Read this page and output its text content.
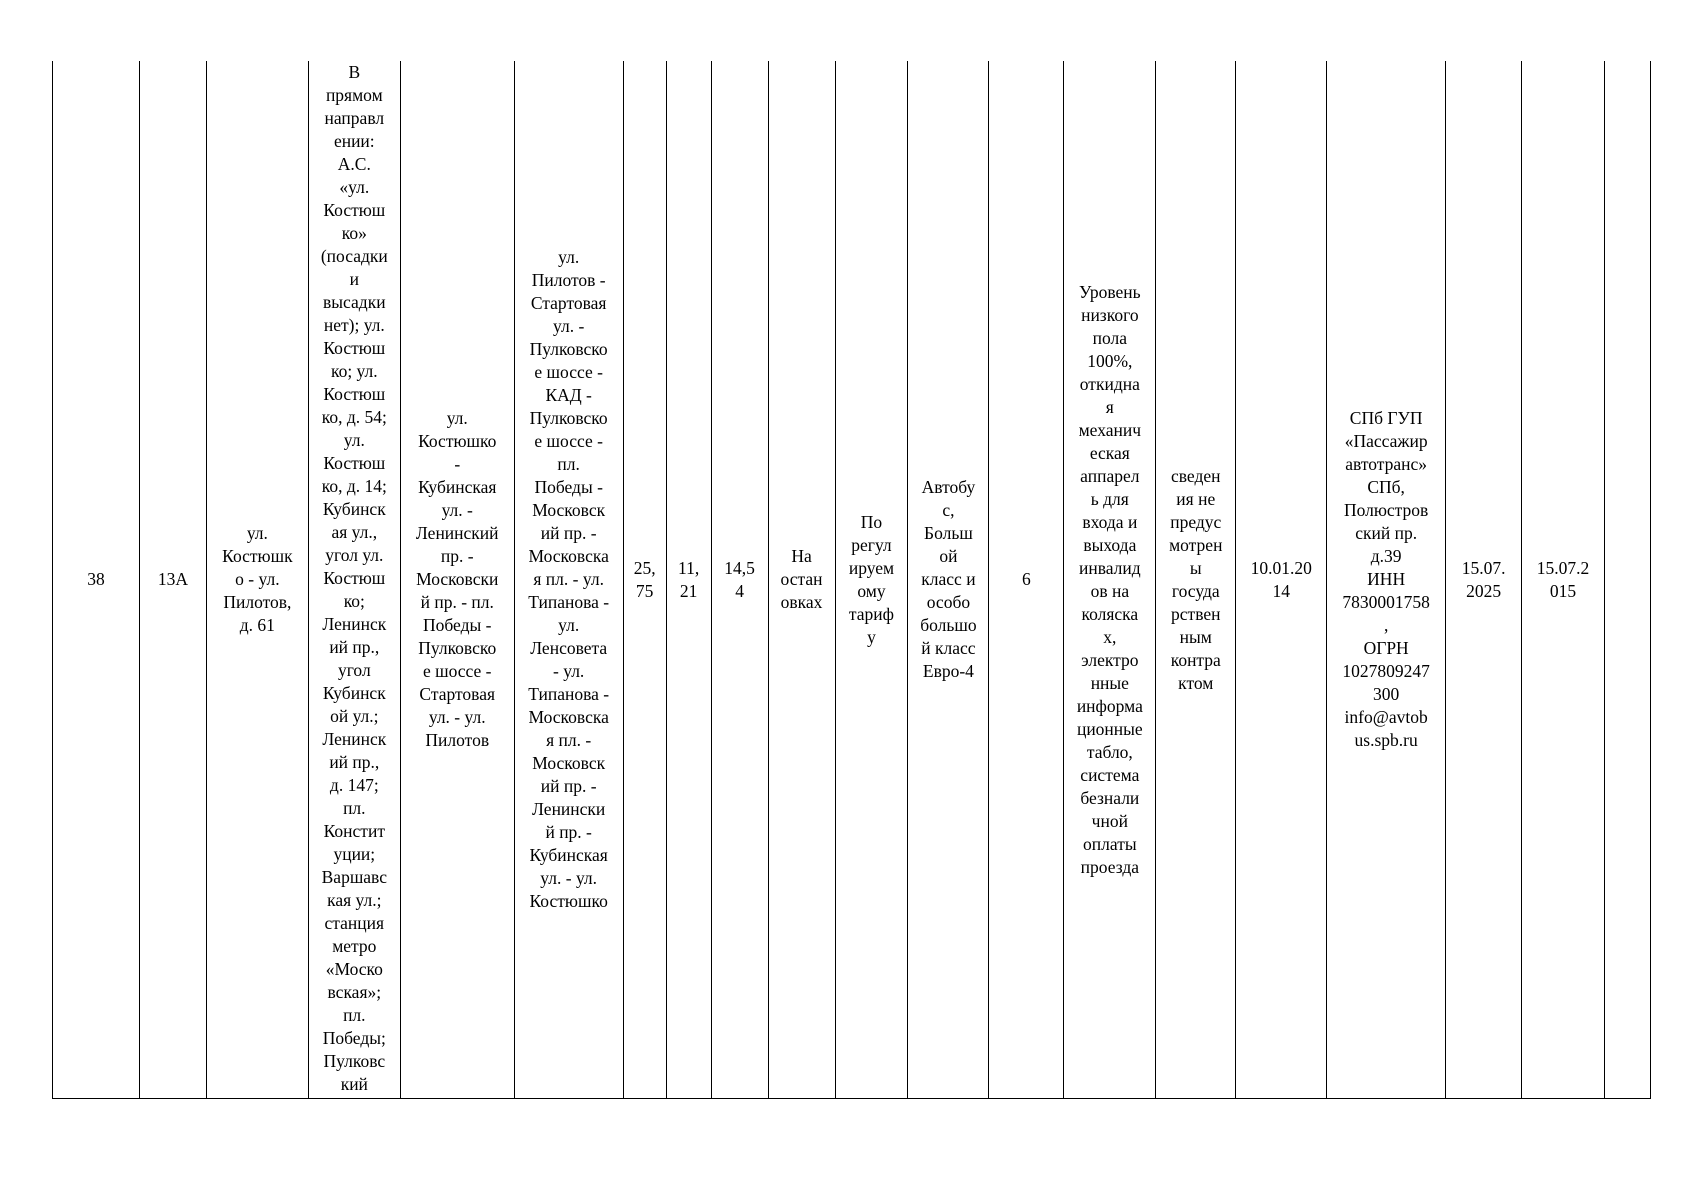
38	13А
ул.
Костюшк
о - ул.
Пилотов,
д. 61
В
прямом
направл
ении:
А.С.
«ул.
Костюш
ко»
(посадки
и
высадки
нет); ул.
Костюш
ко; ул.
Костюш
ко, д. 54;
ул.
Костюш
ко, д. 14;
Кубинск
ая ул.,
угол ул.
Костюш
ко;
Ленинск
ий пр.,
угол
Кубинск
ой ул.;
Ленинск
ий пр.,
д. 147;
пл.
Констит
уции;
Варшавс
кая ул.;
станция
метро
«Моско
вская»;
пл.
Победы;
Пулковс
кий
ул.
Костюшко
-
Кубинская
ул. -
Ленинский
пр. -
Московски
й пр. - пл.
Победы -
Пулковско
е шоссе -
Стартовая
ул. - ул.
Пилотов
ул.
Пилотов -
Стартовая
ул. -
Пулковско
е шоссе -
КАД -
Пулковско
е шоссе -
пл.
Победы -
Московск
ий пр. -
Московска
я пл. - ул.
Типанова -
ул.
Ленсовета
- ул.
Типанова -
Московска
я пл. -
Московск
ий пр. -
Ленински
й пр. -
Кубинская
ул. - ул.
Костюшко
25,
75
11,
21
14,5
4
На
остан
овках
По
регул
ируем
ому
тариф
у
Автобу
с,
Больш
ой
класс и
особо
большо
й класс
Евро-4
6
Уровень
низкого
пола
100%,
откидна
я
механич
еская
аппарел
ь для
входа и
выхода
инвалид
ов на
коляска
х,
электро
нные
информа
ционные
табло,
система
безнали
чной
оплаты
проезда
сведен
ия не
предус
мотрен
ы
госуда
рствен
ным
контра
ктом
10.01.20
14
СПб ГУП
«Пассажир
автотранс»
СПб,
Полюстров
ский пр.
д.39
ИНН
7830001758
,
ОГРН
1027809247
300
info@avtob
us.spb.ru
15.07.
2025
15.07.2
015
